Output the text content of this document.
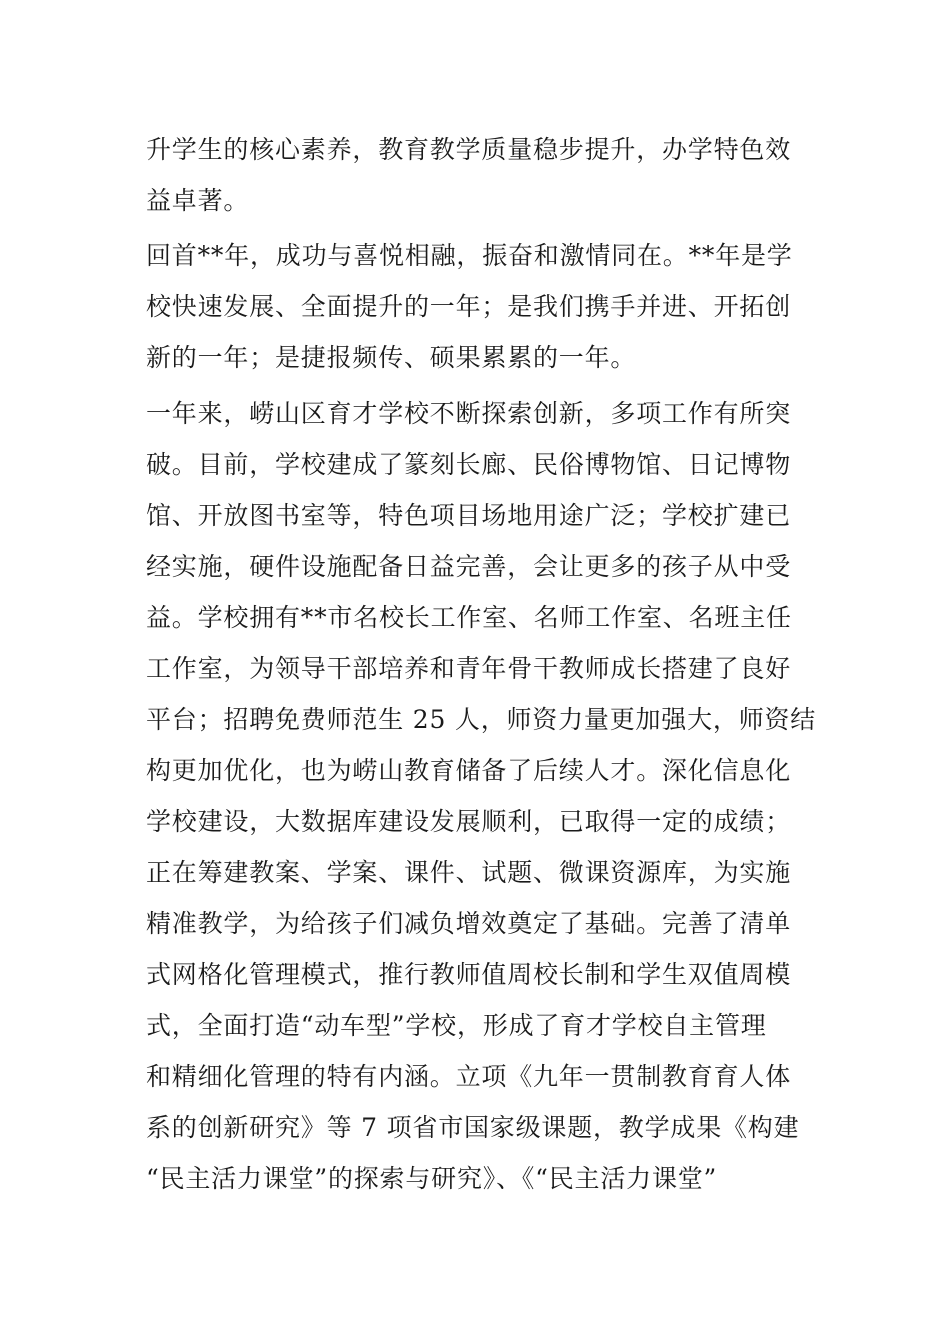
升学生的核心素养，教育教学质量稳步提升，办学特色效
益卓著。
回首**年，成功与喜悦相融，振奋和激情同在。**年是学
校快速发展、全面提升的一年；是我们携手并进、开拓创
新的一年；是捷报频传、硕果累累的一年。
一年来，崂山区育才学校不断探索创新，多项工作有所突
破。目前，学校建成了篆刻长廊、民俗博物馆、日记博物
馆、开放图书室等，特色项目场地用途广泛；学校扩建已
经实施，硬件设施配备日益完善，会让更多的孩子从中受
益。学校拥有**市名校长工作室、名师工作室、名班主任
工作室，为领导干部培养和青年骨干教师成长搭建了良好
平台；招聘免费师范生 25 人，师资力量更加强大，师资结
构更加优化，也为崂山教育储备了后续人才。深化信息化
学校建设，大数据库建设发展顺利，已取得一定的成绩；
正在筹建教案、学案、课件、试题、微课资源库，为实施
精准教学，为给孩子们减负增效奠定了基础。完善了清单
式网格化管理模式，推行教师值周校长制和学生双值周模
式，全面打造“动车型”学校，形成了育才学校自主管理
和精细化管理的特有内涵。立项《九年一贯制教育育人体
系的创新研究》等 7 项省市国家级课题，教学成果《构建
“民主活力课堂”的探索与研究》、《“民主活力课堂”
